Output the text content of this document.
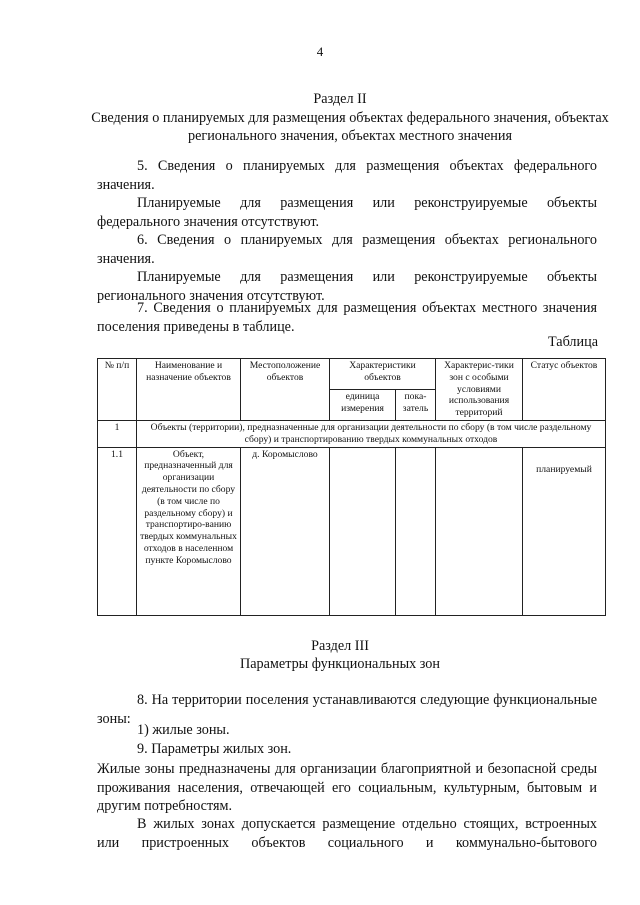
4
Раздел II
Сведения о планируемых для размещения объектах федерального значения, объектах регионального значения, объектах местного значения
5. Сведения о планируемых для размещения объектах федерального значения.
Планируемые для размещения или реконструируемые объекты федерального значения отсутствуют.
6. Сведения о планируемых для размещения объектах регионального значения.
Планируемые для размещения или реконструируемые объекты регионального значения отсутствуют.
7. Сведения о планируемых для размещения объектах местного значения поселения приведены в таблице.
Таблица
№ п/п	Наименование и назначение объектов	Местоположение объектов	Характеристики объектов		Характерис-тики зон с особыми условиями использования территорий	Статус объектов
			единица измерения	пока-затель		
1	Объекты (территории), предназначенные для организации деятельности по сбору (в том числе раздельному сбору) и транспортированию твердых коммунальных отходов					
1.1	Объект, предназначенный для организации деятельности по сбору (в том числе по раздельному сбору) и транспортиро-ванию твердых коммунальных отходов в населенном пункте Коромыслово	д. Коромыслово				планируемый
Раздел III
Параметры функциональных зон
8. На территории поселения устанавливаются следующие функциональные зоны:
1) жилые зоны.
9. Параметры жилых зон.
Жилые зоны предназначены для организации благоприятной и безопасной среды проживания населения, отвечающей его социальным, культурным, бытовым и другим потребностям.
В жилых зонах допускается размещение отдельно стоящих, встроенных или пристроенных объектов социального и коммунально-бытового
